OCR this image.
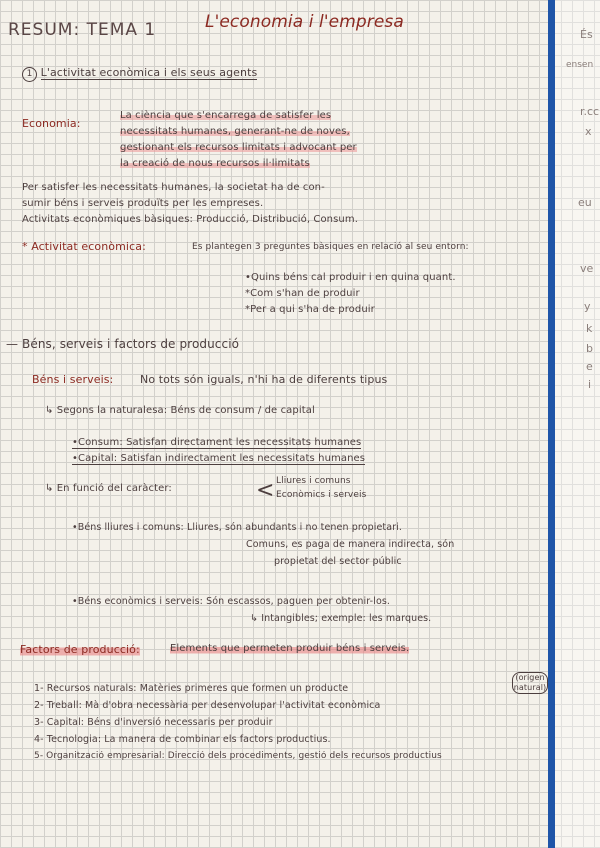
RESUM: TEMA 1	L'economia i l'empresa
1 L'activitat econòmica i els seus agents
Economia:
La ciència que s'encarrega de satisfer les
necessitats humanes, generant-ne de noves,
gestionant els recursos limitats i advocant per
la creació de nous recursos il·limitats
Per satisfer les necessitats humanes, la societat ha de con-
sumir béns i serveis produïts per les empreses.
Activitats econòmiques bàsiques: Producció, Distribució, Consum.
* Activitat econòmica:	Es plantegen 3 preguntes bàsiques en relació al seu entorn:
•Quins béns cal produir i en quina quant.
*Com s'han de produir
*Per a qui s'ha de produir
— Béns, serveis i factors de producció
Béns i serveis: No tots són iguals, n'hi ha de diferents tipus
↳ Segons la naturalesa: Béns de consum / de capital
•Consum: Satisfan directament les necessitats humanes
•Capital: Satisfan indirectament les necessitats humanes
↳ En funció del caràcter:	< Lliures i comuns
Econòmics i serveis
•Béns lliures i comuns: Lliures, són abundants i no tenen propietari.
Comuns, es paga de manera indirecta, són
propietat del sector públic
•Béns econòmics i serveis: Són escassos, paguen per obtenir-los.
↳ Intangibles; exemple: les marques.
Factors de producció:	Elements que permeten produir béns i serveis.
1- Recursos naturals: Matèries primeres que formen un producte
(origen natural)
2- Treball: Mà d'obra necessària per desenvolupar l'activitat econòmica
3- Capital: Béns d'inversió necessaris per produir
4- Tecnologia: La manera de combinar els factors productius.
5- Organització empresarial: Direcció dels procediments, gestió dels recursos productius
És
ensen
r.cc
x
eu
ve
y
k
b
e
i
